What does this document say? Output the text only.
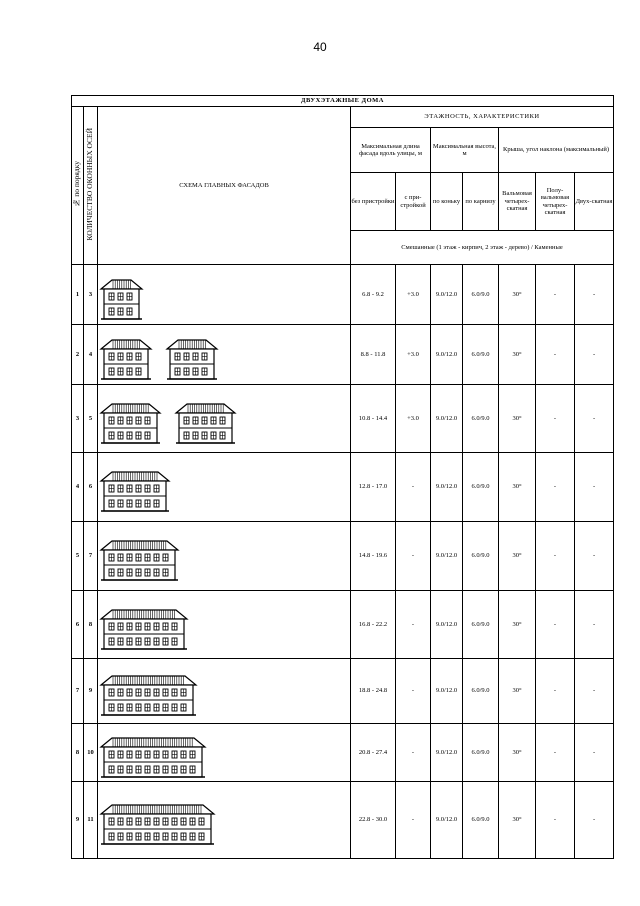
40
ДВУХЭТАЖНЫЕ ДОМА									
№ по порядку	КОЛИЧЕСТВО ОКОННЫХ ОСЕЙ	СХЕМА ГЛАВНЫХ ФАСАДОВ	ЭТАЖНОСТЬ, ХАРАКТЕРИСТИКИ						
			Максимальная длина фасада вдоль улицы, м		Максимальная высота, м		Крыша, угол наклона (максимальный)		
			без пристройки	с при-стройкой	по коньку	по карнизу	Вальмовая четырех-скатная	Полу-вальмовая четырех-скатная	Двух-скатная
			Смешанные (1 этаж - кирпич, 2 этаж - дерево) / Каменные						
1	3		6.8 - 9.2	+3.0	9.0/12.0	6.0/9.0	30°	-	-
2	4		8.8 - 11.8	+3.0	9.0/12.0	6.0/9.0	30°	-	-
3	5		10.8 - 14.4	+3.0	9.0/12.0	6.0/9.0	30°	-	-
4	6		12.8 - 17.0	-	9.0/12.0	6.0/9.0	30°	-	-
5	7		14.8 - 19.6	-	9.0/12.0	6.0/9.0	30°	-	-
6	8		16.8 - 22.2	-	9.0/12.0	6.0/9.0	30°	-	-
7	9		18.8 - 24.8	-	9.0/12.0	6.0/9.0	30°	-	-
8	10		20.8 - 27.4	-	9.0/12.0	6.0/9.0	30°	-	-
9	11		22.8 - 30.0	-	9.0/12.0	6.0/9.0	30°	-	-
